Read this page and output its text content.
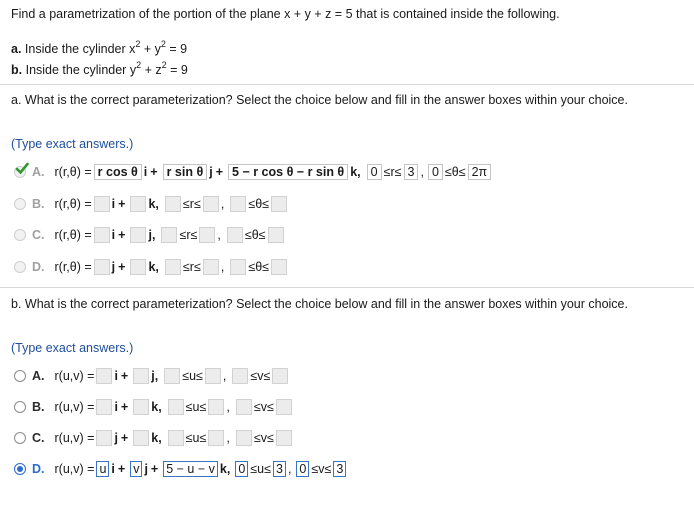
Find a parametrization of the portion of the plane x + y + z = 5 that is contained inside the following.
a. Inside the cylinder $x^2 + y^2 = 9$
b. Inside the cylinder $y^2 + z^2 = 9$
a. What is the correct parameterization? Select the choice below and fill in the answer boxes within your choice.
(Type exact answers.)
A. r(r,θ) = r cos θ i + r sin θ j + 5 − r cos θ − r sin θ k , 0 ≤ r ≤ 3 , 0 ≤ θ ≤ 2π
B. r(r,θ) = i + k , ≤ r ≤ , ≤ θ ≤
C. r(r,θ) = i + j , ≤ r ≤ , ≤ θ ≤
D. r(r,θ) = j + k , ≤ r ≤ , ≤ θ ≤
b. What is the correct parameterization? Select the choice below and fill in the answer boxes within your choice.
(Type exact answers.)
A. r(u,v) = i + j , ≤ u ≤ , ≤ v ≤
B. r(u,v) = i + k , ≤ u ≤ , ≤ v ≤
C. r(u,v) = j + k , ≤ u ≤ , ≤ v ≤
D. r(u,v) = u i + v j + 5 − u − v k , 0 ≤ u ≤ 3 , 0 ≤ v ≤ 3
